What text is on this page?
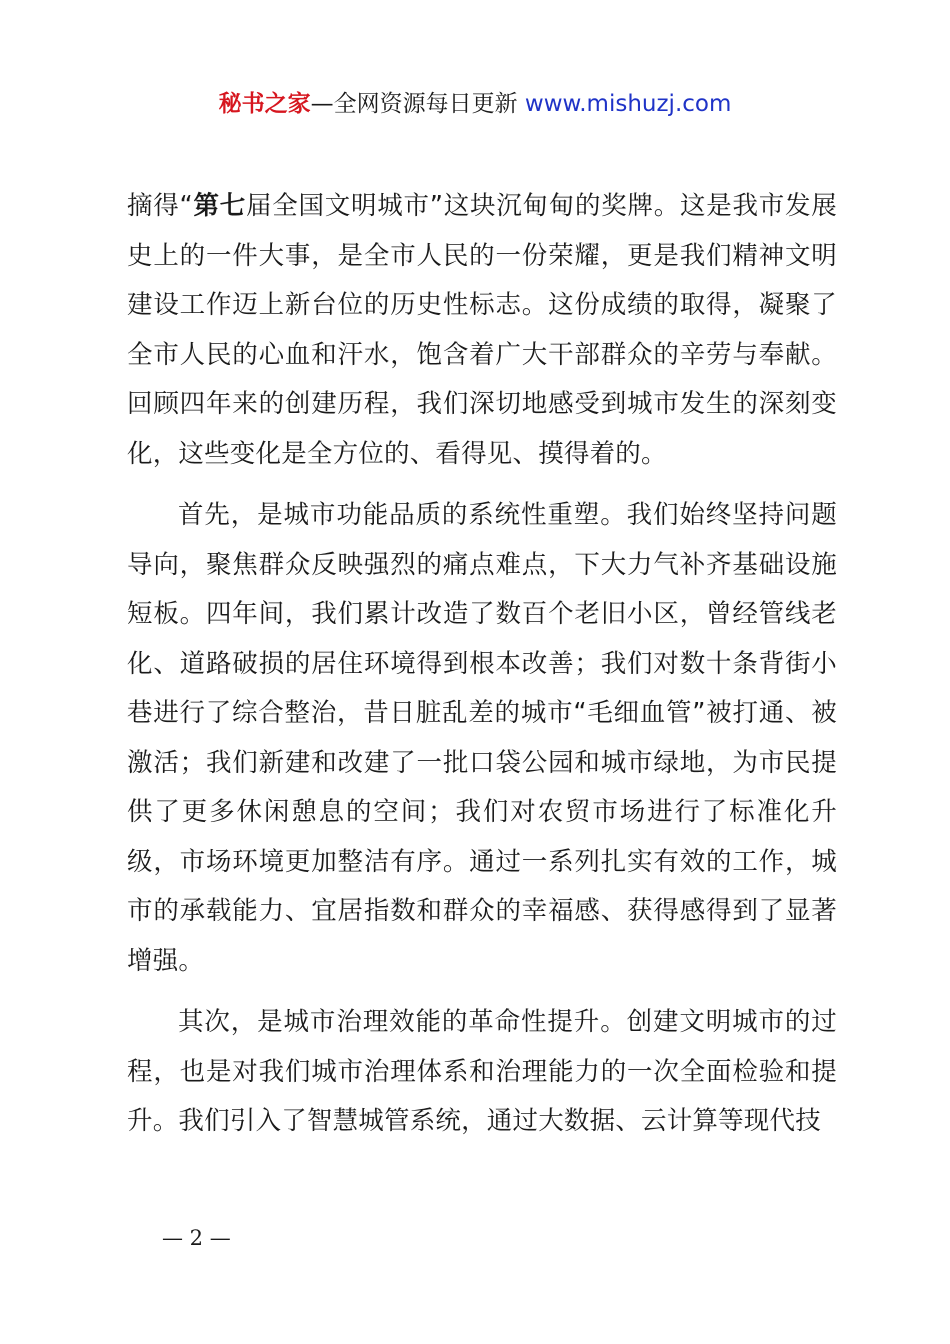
秘书之家—全网资源每日更新 www.mishuzj.com

摘得“第七届全国文明城市”这块沉甸甸的奖牌。这是我市发展史上的一件大事，是全市人民的一份荣耀，更是我们精神文明建设工作迈上新台位的历史性标志。这份成绩的取得，凝聚了全市人民的心血和汗水，饱含着广大干部群众的辛劳与奉献。回顾四年来的创建历程，我们深切地感受到城市发生的深刻变化，这些变化是全方位的、看得见、摸得着的。

首先，是城市功能品质的系统性重塑。我们始终坚持问题导向，聚焦群众反映强烈的痛点难点，下大力气补齐基础设施短板。四年间，我们累计改造了数百个老旧小区，曾经管线老化、道路破损的居住环境得到根本改善；我们对数十条背街小巷进行了综合整治，昔日脏乱差的城市“毛细血管”被打通、被激活；我们新建和改建了一批口袋公园和城市绿地，为市民提供了更多休闲憩息的空间；我们对农贸市场进行了标准化升级，市场环境更加整洁有序。通过一系列扎实有效的工作，城市的承载能力、宜居指数和群众的幸福感、获得感得到了显著增强。

其次，是城市治理效能的革命性提升。创建文明城市的过程，也是对我们城市治理体系和治理能力的一次全面检验和提升。我们引入了智慧城管系统，通过大数据、云计算等现代技

— 2 —
